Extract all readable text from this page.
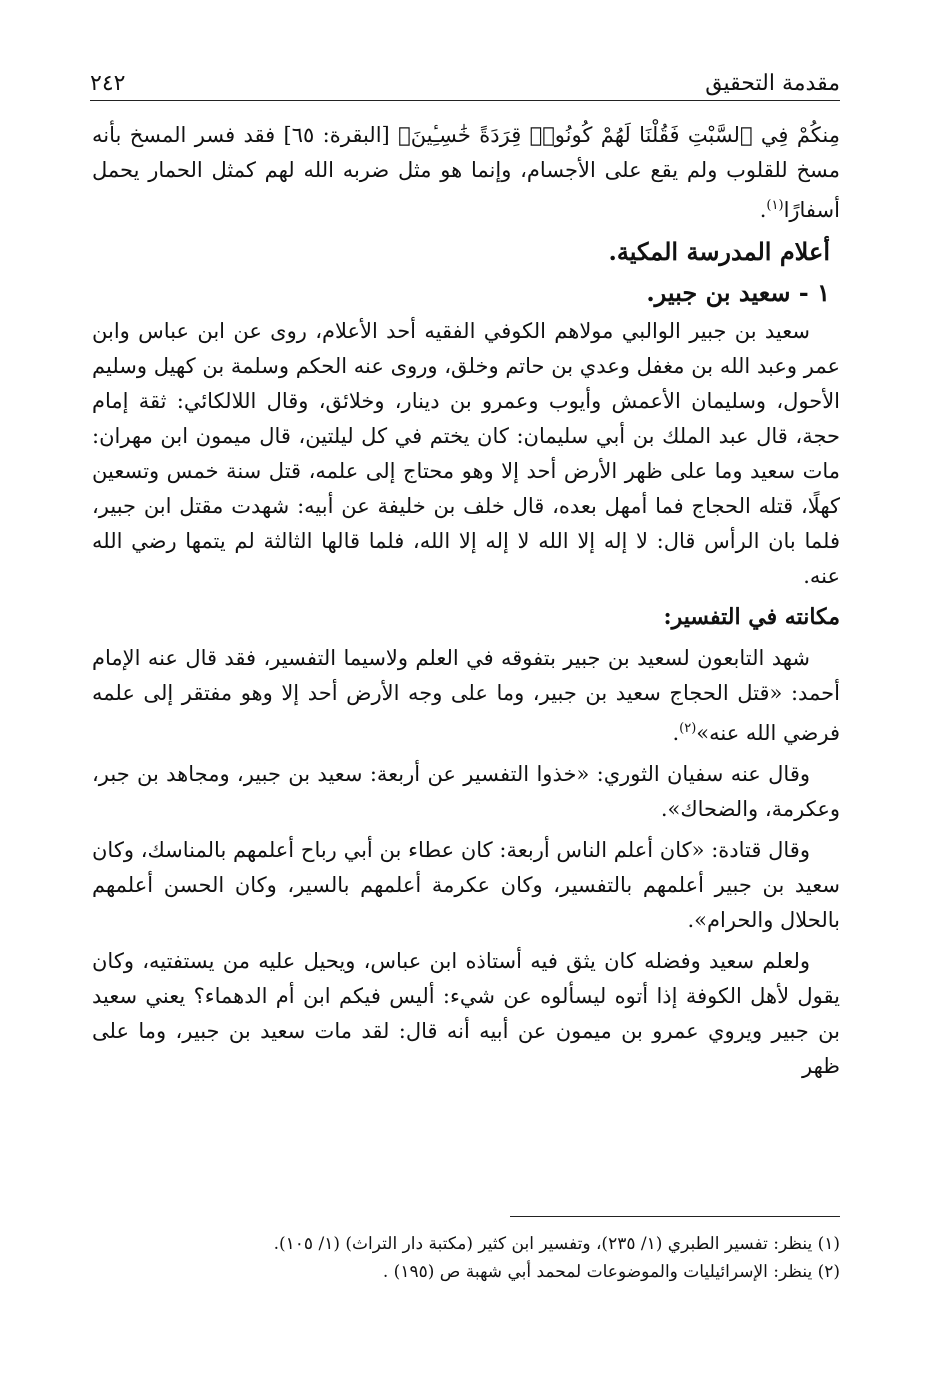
مقدمة التحقيق
٢٤٢

مِنكُمْ فِي ٱلسَّبْتِ فَقُلْنَا لَهُمْ كُونُوا۟ قِرَدَةً خَٰسِـِٔينَ﴾ [البقرة: ٦٥] فقد فسر المسخ بأنه مسخ للقلوب ولم يقع على الأجسام، وإنما هو مثل ضربه الله لهم كمثل الحمار يحمل أسفارًا$^{(١)}$.

أعلام المدرسة المكية.
١ - سعيد بن جبير.

سعيد بن جبير الوالبي مولاهم الكوفي الفقيه أحد الأعلام، روى عن ابن عباس وابن عمر وعبد الله بن مغفل وعدي بن حاتم وخلق، وروى عنه الحكم وسلمة بن كهيل وسليم الأحول، وسليمان الأعمش وأيوب وعمرو بن دينار، وخلائق، وقال اللالكائي: ثقة إمام حجة، قال عبد الملك بن أبي سليمان: كان يختم في كل ليلتين، قال ميمون ابن مهران: مات سعيد وما على ظهر الأرض أحد إلا وهو محتاج إلى علمه، قتل سنة خمس وتسعين كهلًا، قتله الحجاج فما أمهل بعده، قال خلف بن خليفة عن أبيه: شهدت مقتل ابن جبير، فلما بان الرأس قال: لا إله إلا الله لا إله إلا الله، فلما قالها الثالثة لم يتمها رضي الله عنه.

مكانته في التفسير:

شهد التابعون لسعيد بن جبير بتفوقه في العلم ولاسيما التفسير، فقد قال عنه الإمام أحمد: «قتل الحجاج سعيد بن جبير، وما على وجه الأرض أحد إلا وهو مفتقر إلى علمه فرضي الله عنه»$^{(٢)}$.

وقال عنه سفيان الثوري: «خذوا التفسير عن أربعة: سعيد بن جبير، ومجاهد بن جبر، وعكرمة، والضحاك».

وقال قتادة: «كان أعلم الناس أربعة: كان عطاء بن أبي رباح أعلمهم بالمناسك، وكان سعيد بن جبير أعلمهم بالتفسير، وكان عكرمة أعلمهم بالسير، وكان الحسن أعلمهم بالحلال والحرام».

ولعلم سعيد وفضله كان يثق فيه أستاذه ابن عباس، ويحيل عليه من يستفتيه، وكان يقول لأهل الكوفة إذا أتوه ليسألوه عن شيء: أليس فيكم ابن أم الدهماء؟ يعني سعيد بن جبير ويروي عمرو بن ميمون عن أبيه أنه قال: لقد مات سعيد بن جبير، وما على ظهر

(١) ينظر: تفسير الطبري (١/ ٢٣٥)، وتفسير ابن كثير (مكتبة دار التراث) (١/ ١٠٥).
(٢) ينظر: الإسرائيليات والموضوعات لمحمد أبي شهبة ص (١٩٥) .
